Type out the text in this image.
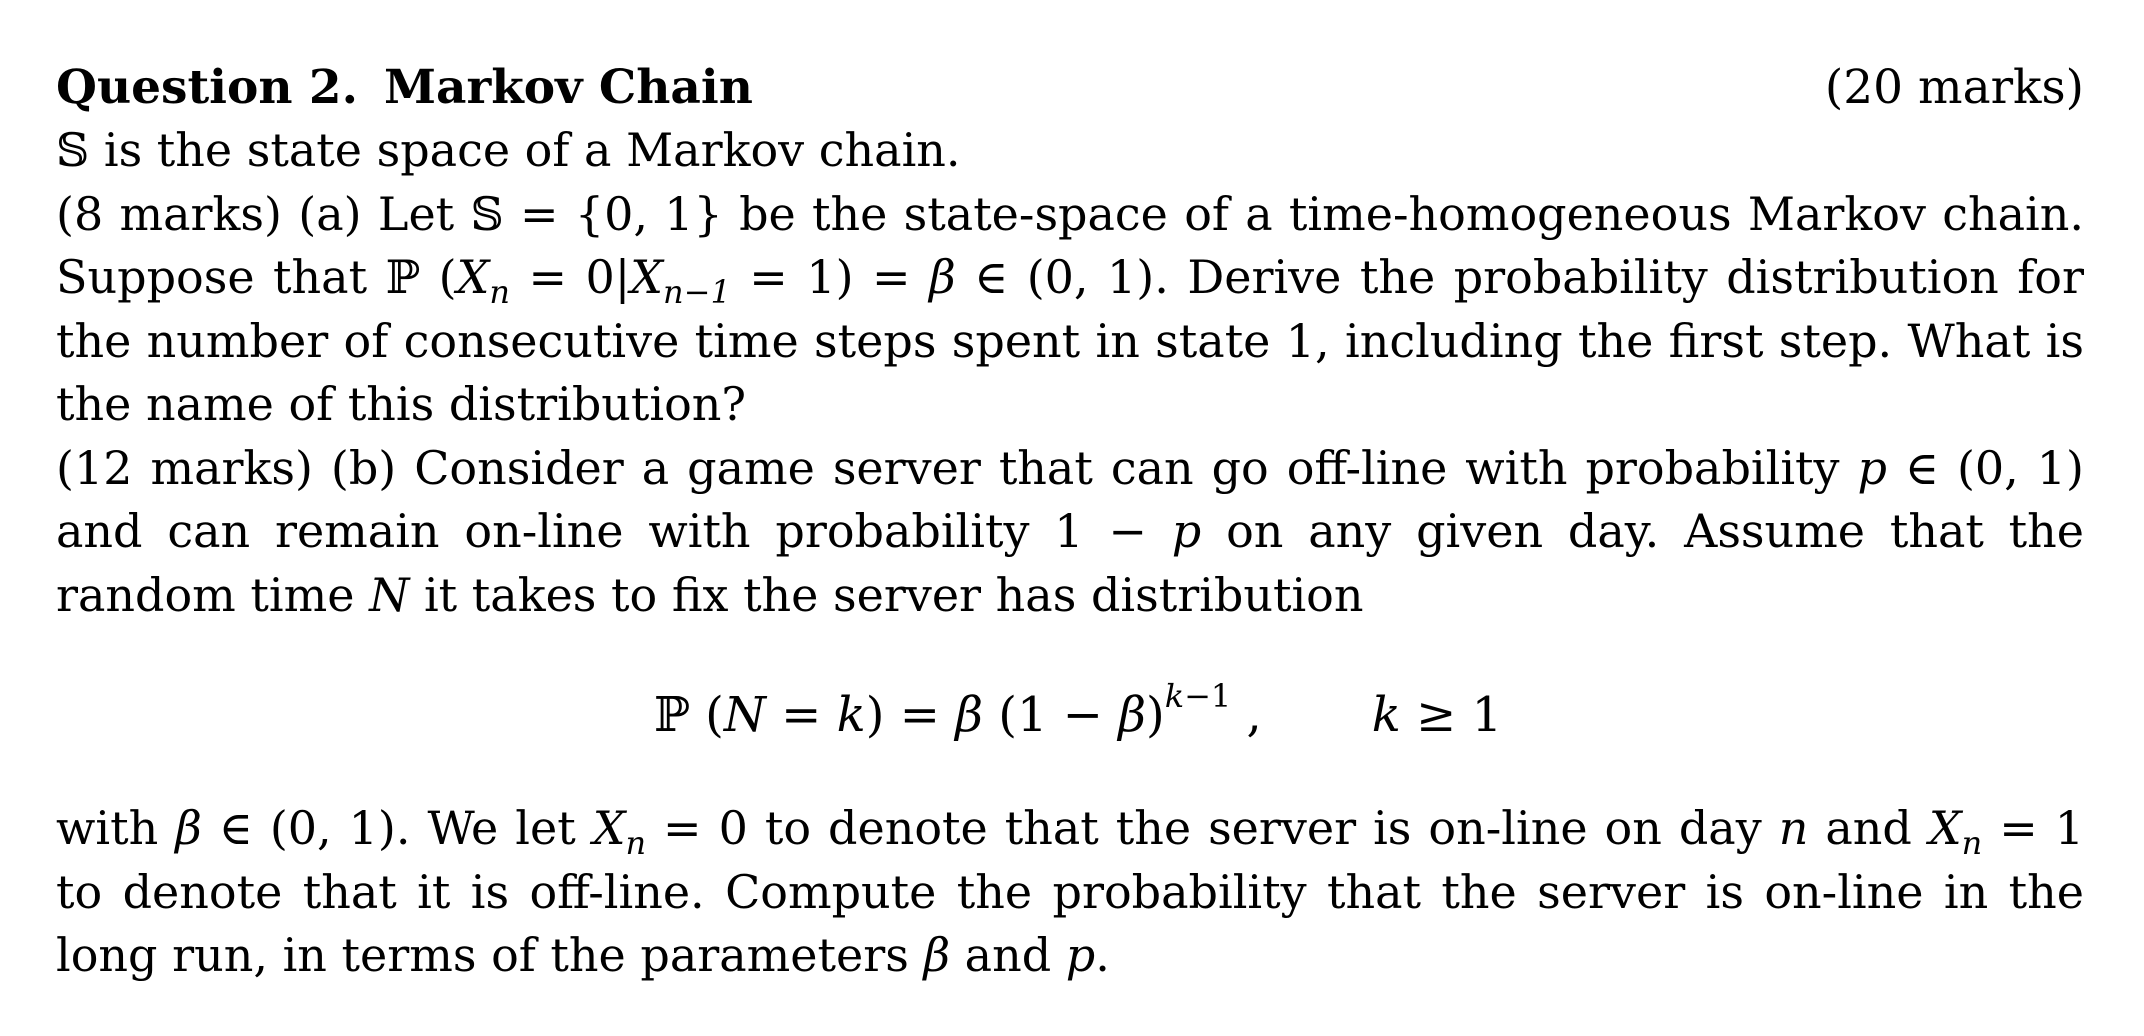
Question 2. Markov Chain	(20 marks)

𝕊 is the state space of a Markov chain.

(8 marks) (a) Let 𝕊 = {0, 1} be the state-space of a time-homogeneous Markov chain. Suppose that ℙ $(X_n = 0|X_{n-1} = 1) = \beta$ ∈ (0, 1). Derive the probability distribution for the number of consecutive time steps spent in state 1, including the first step. What is the name of this distribution?

(12 marks) (b) Consider a game server that can go off-line with probability p ∈ (0, 1) and can remain on-line with probability 1 − p on any given day. Assume that the random time N it takes to fix the server has distribution

ℙ (N = k) = β $(1 - \beta)^{k-1}$ , k ≥ 1

with β ∈ (0, 1). We let $X_n = 0$ to denote that the server is on-line on day n and $X_n = 1$ to denote that it is off-line. Compute the probability that the server is on-line in the long run, in terms of the parameters β and p.
